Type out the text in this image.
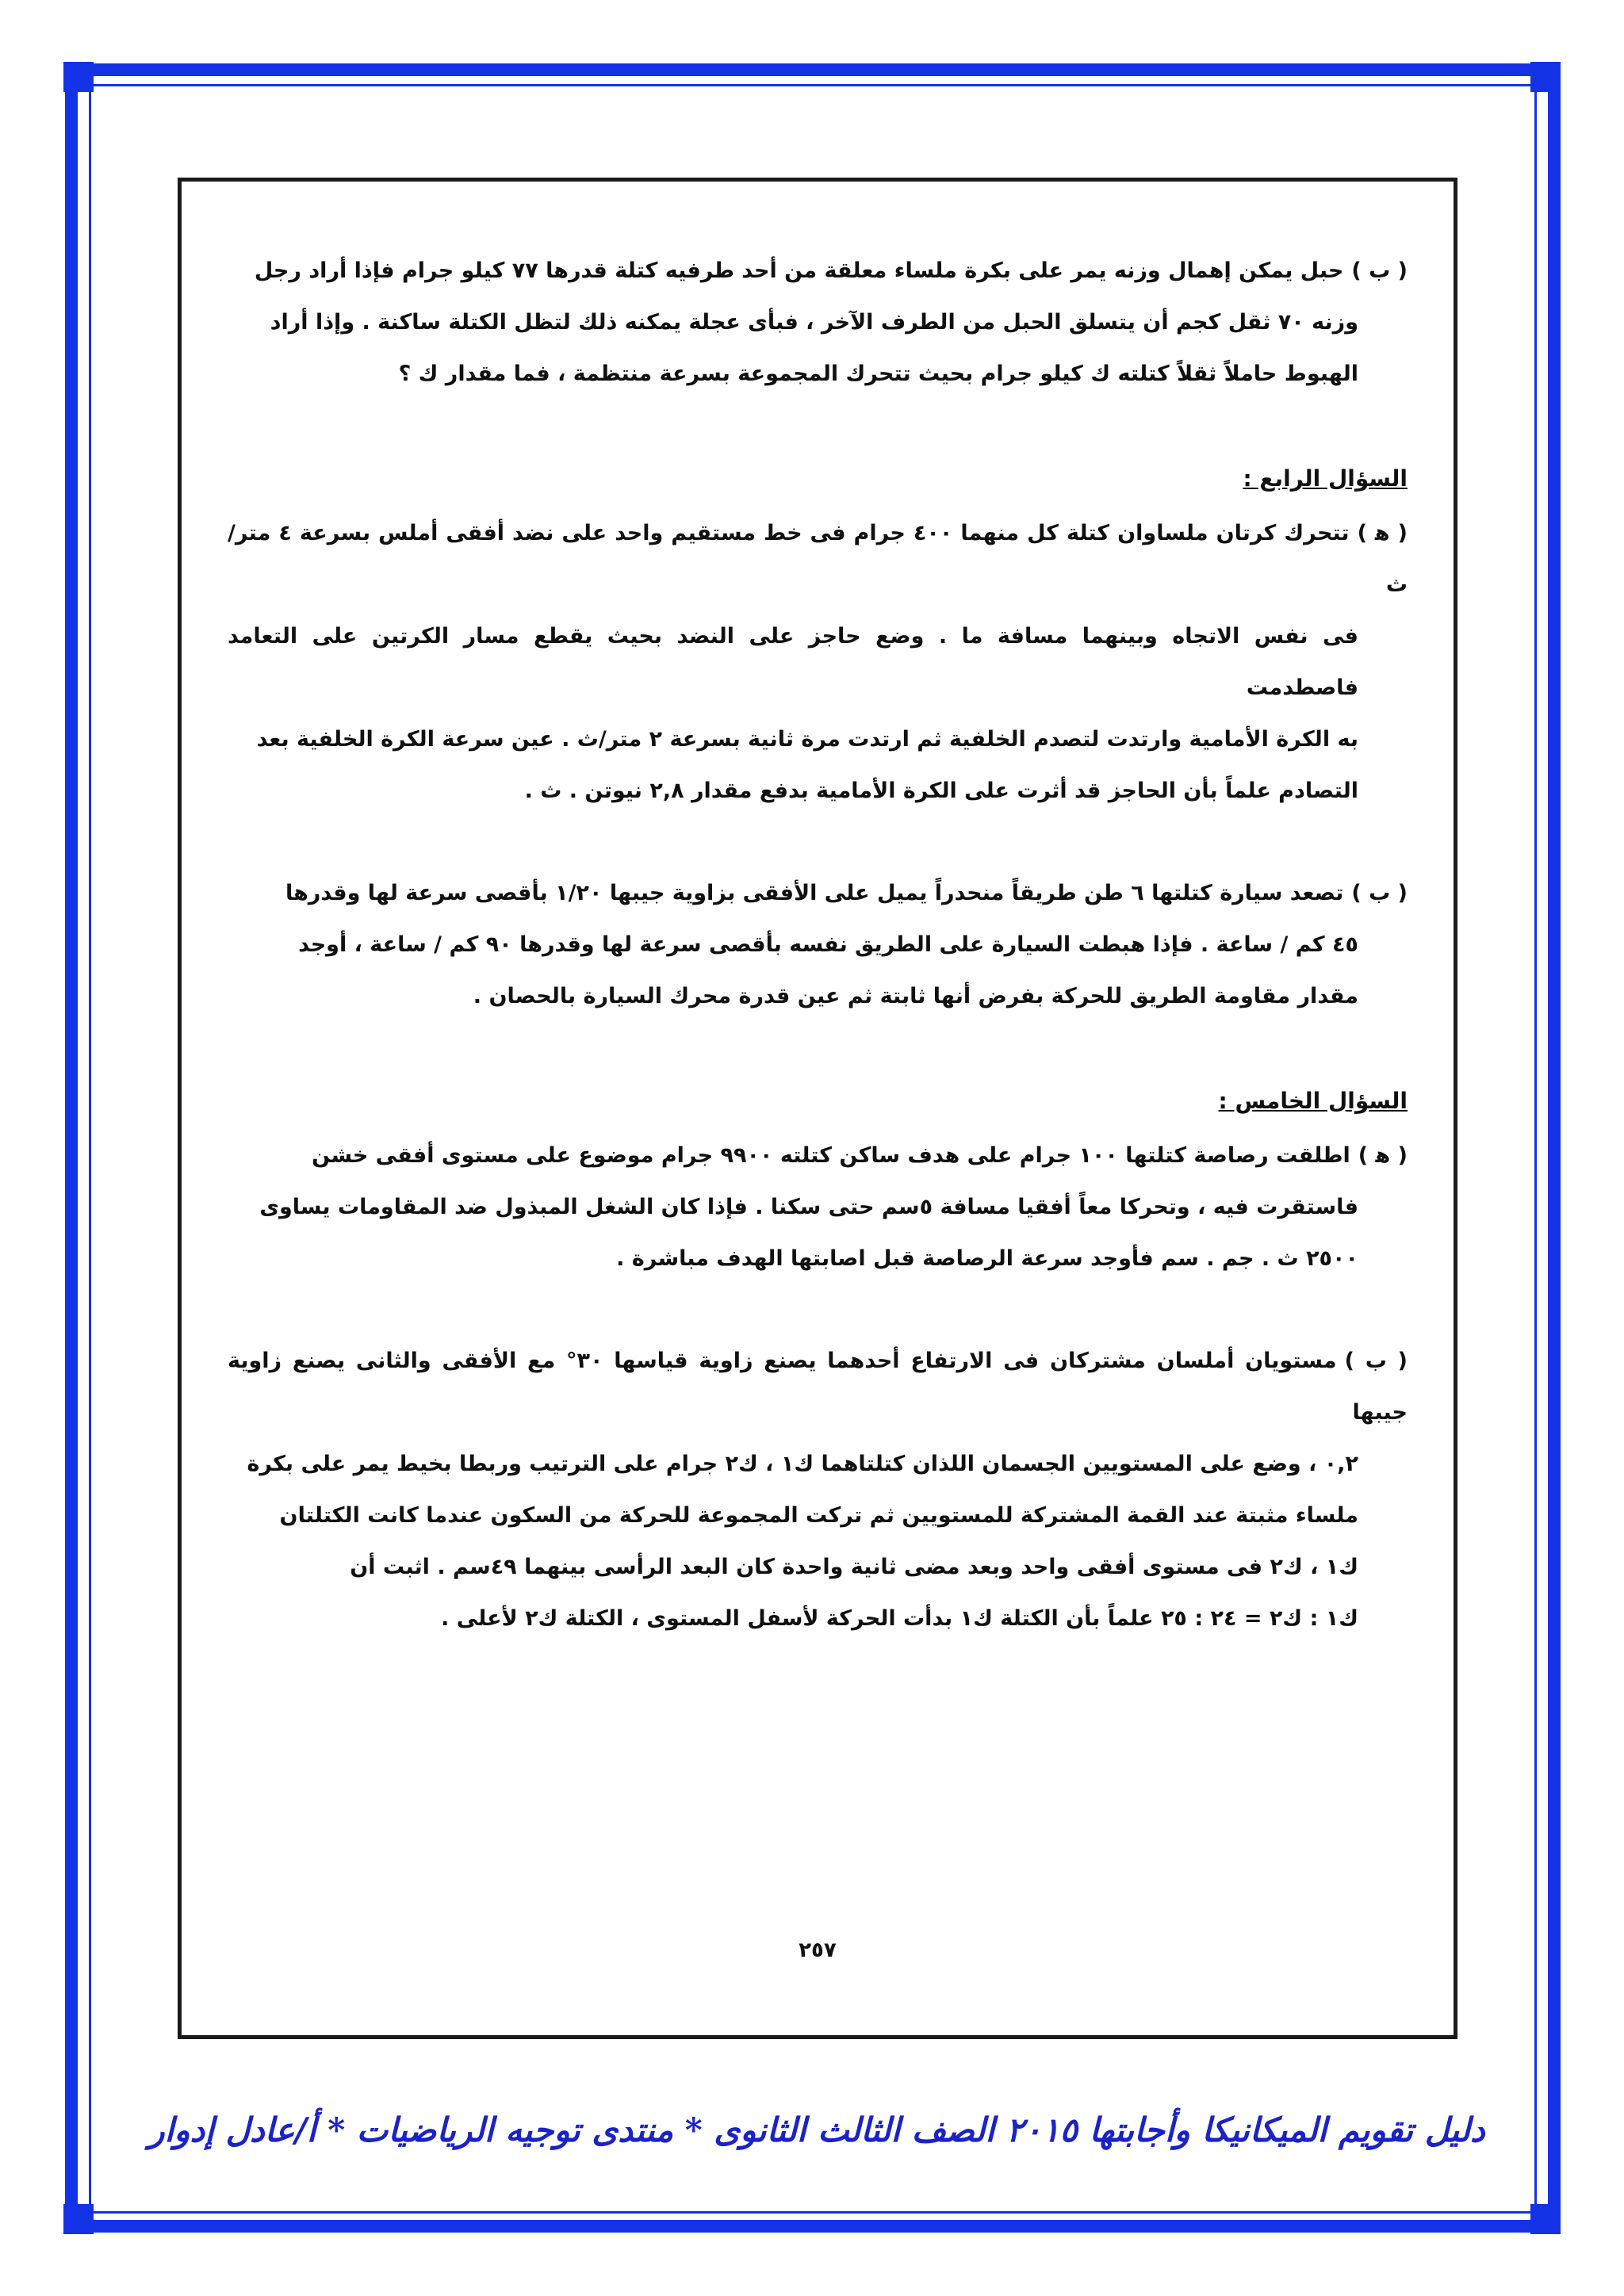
( ب )حبل يمكن إهمال وزنه يمر على بكرة ملساء معلقة من أحد طرفيه كتلة قدرها ٧٧ كيلو جرام فإذا أراد رجل

وزنه ٧٠ ثقل كجم أن يتسلق الحبل من الطرف الآخر ، فبأى عجلة يمكنه ذلك لتظل الكتلة ساكنة . وإذا أراد

الهبوط حاملاً ثقلاً كتلته ك كيلو جرام بحيث تتحرك المجموعة بسرعة منتظمة ، فما مقدار ك ؟

السؤال الرابع :

( ﻫ )تتحرك كرتان ملساوان كتلة كل منهما ٤٠٠ جرام فى خط مستقيم واحد على نضد أفقى أملس بسرعة ٤ متر/ث

فى نفس الاتجاه وبينهما مسافة ما . وضع حاجز على النضد بحيث يقطع مسار الكرتين على التعامد فاصطدمت

به الكرة الأمامية وارتدت لتصدم الخلفية ثم ارتدت مرة ثانية بسرعة ٢ متر/ث . عين سرعة الكرة الخلفية بعد

التصادم علماً بأن الحاجز قد أثرت على الكرة الأمامية بدفع مقدار ٢,٨ نيوتن . ث .

( ب )تصعد سيارة كتلتها ٦ طن طريقاً منحدراً يميل على الأفقى بزاوية جيبها ١/٢٠ بأقصى سرعة لها وقدرها

٤٥ كم / ساعة . فإذا هبطت السيارة على الطريق نفسه بأقصى سرعة لها وقدرها ٩٠ كم / ساعة ، أوجد

مقدار مقاومة الطريق للحركة بفرض أنها ثابتة ثم عين قدرة محرك السيارة بالحصان .

السؤال الخامس :

( ﻫ )اطلقت رصاصة كتلتها ١٠٠ جرام على هدف ساكن كتلته ٩٩٠٠ جرام موضوع على مستوى أفقى خشن

فاستقرت فيه ، وتحركا معاً أفقيا مسافة ٥سم حتى سكنا . فإذا كان الشغل المبذول ضد المقاومات يساوى

٢٥٠٠ ث . جم . سم فأوجد سرعة الرصاصة قبل اصابتها الهدف مباشرة .

( ب )مستويان أملسان مشتركان فى الارتفاع أحدهما يصنع زاوية قياسها ٣٠° مع الأفقى والثانى يصنع زاوية جيبها

٠,٢ ، وضع على المستويين الجسمان اللذان كتلتاهما ك١ ، ك٢ جرام على الترتيب وربطا بخيط يمر على بكرة

ملساء مثبتة عند القمة المشتركة للمستويين ثم تركت المجموعة للحركة من السكون عندما كانت الكتلتان

ك١ ، ك٢ فى مستوى أفقى واحد وبعد مضى ثانية واحدة كان البعد الرأسى بينهما ٤٩سم . اثبت أن

ك١ : ك٢ = ٢٤ : ٢٥ علماً بأن الكتلة ك١ بدأت الحركة لأسفل المستوى ، الكتلة ك٢ لأعلى .

٢٥٧
دليل تقويم الميكانيكا وأجابتها ٢٠١٥ الصف الثالث الثانوى * منتدى توجيه الرياضيات * أ/عادل إدوار
